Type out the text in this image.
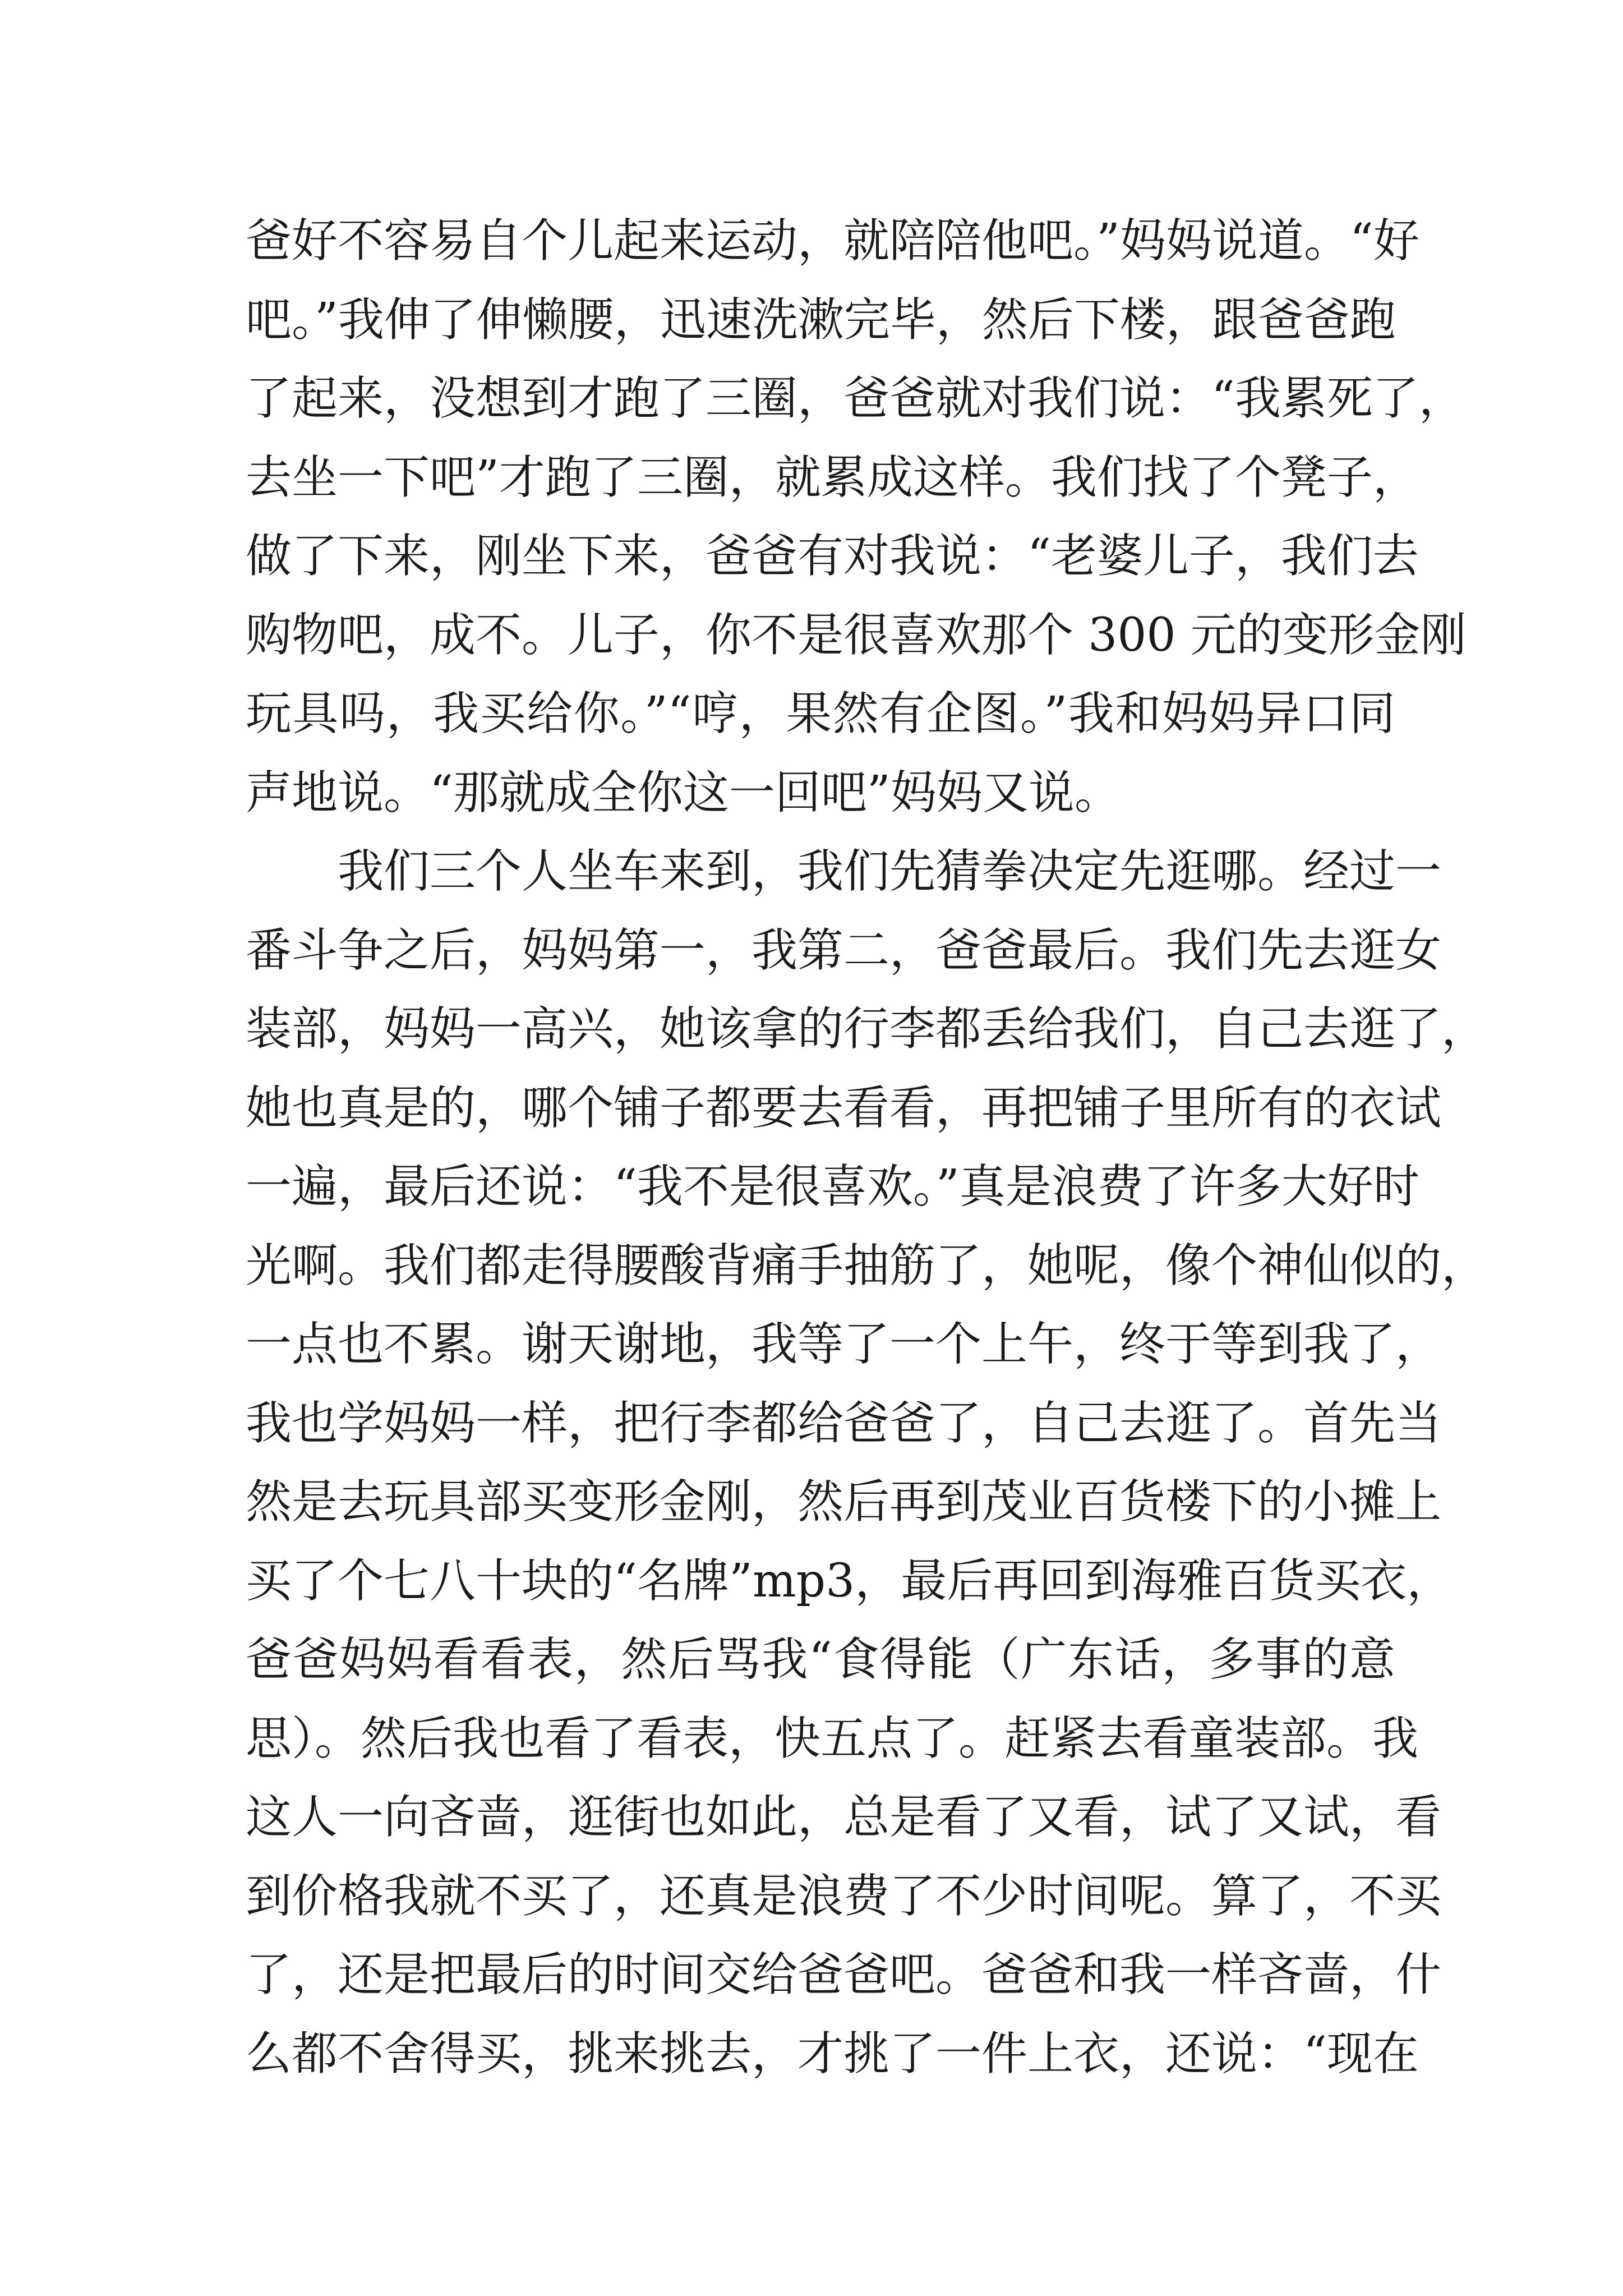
爸好不容易自个儿起来运动，就陪陪他吧。”妈妈说道。“好
吧。”我伸了伸懒腰，迅速洗漱完毕，然后下楼，跟爸爸跑
了起来，没想到才跑了三圈，爸爸就对我们说：“我累死了，
去坐一下吧”才跑了三圈，就累成这样。我们找了个凳子，
做了下来，刚坐下来，爸爸有对我说：“老婆儿子，我们去
购物吧，成不。儿子，你不是很喜欢那个 300 元的变形金刚
玩具吗，我买给你。”“哼，果然有企图。”我和妈妈异口同
声地说。“那就成全你这一回吧”妈妈又说。
我们三个人坐车来到，我们先猜拳决定先逛哪。经过一
番斗争之后，妈妈第一，我第二，爸爸最后。我们先去逛女
装部，妈妈一高兴，她该拿的行李都丢给我们，自己去逛了，
她也真是的，哪个铺子都要去看看，再把铺子里所有的衣试
一遍，最后还说：“我不是很喜欢。”真是浪费了许多大好时
光啊。我们都走得腰酸背痛手抽筋了，她呢，像个神仙似的，
一点也不累。谢天谢地，我等了一个上午，终于等到我了，
我也学妈妈一样，把行李都给爸爸了，自己去逛了。首先当
然是去玩具部买变形金刚，然后再到茂业百货楼下的小摊上
买了个七八十块的“名牌”mp3，最后再回到海雅百货买衣，
爸爸妈妈看看表，然后骂我“食得能（广东话，多事的意
思）。然后我也看了看表，快五点了。赶紧去看童装部。我
这人一向吝啬，逛街也如此，总是看了又看，试了又试，看
到价格我就不买了，还真是浪费了不少时间呢。算了，不买
了，还是把最后的时间交给爸爸吧。爸爸和我一样吝啬，什
么都不舍得买，挑来挑去，才挑了一件上衣，还说：“现在
